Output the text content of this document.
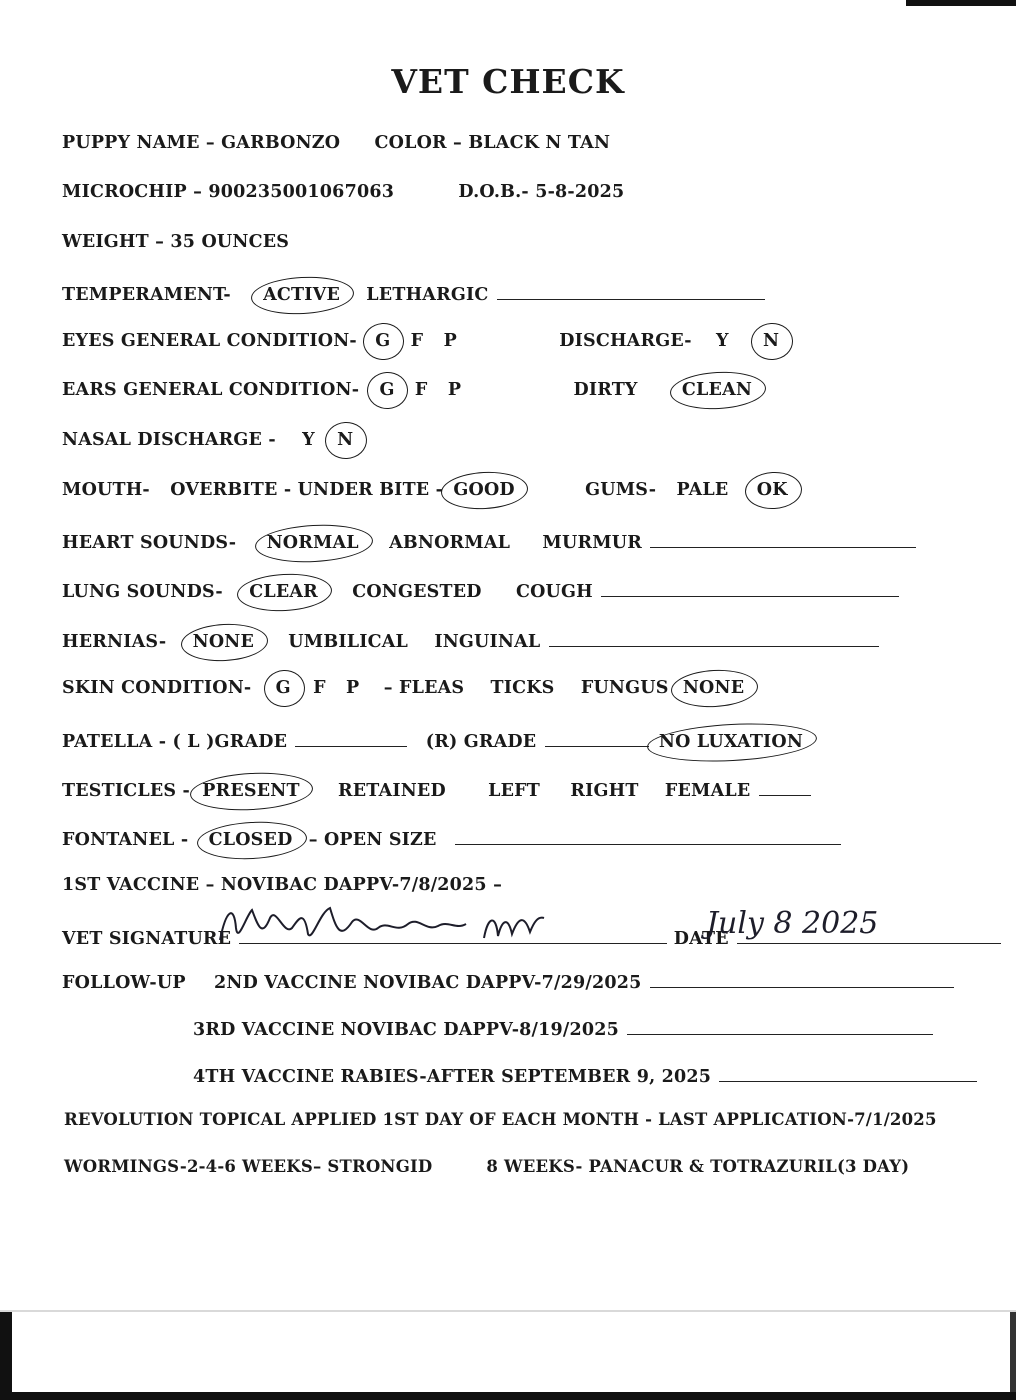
VET CHECK
PUPPY NAME – GARBONZO COLOR – BLACK N TAN
MICROCHIP – 900235001067063	D.O.B.- 5-8-2025
WEIGHT – 35 OUNCES
TEMPERAMENT- ACTIVE LETHARGIC
EYES GENERAL CONDITION- G F P	DISCHARGE- Y N
EARS GENERAL CONDITION- G F P	DIRTY	CLEAN
NASAL DISCHARGE - Y N
MOUTH- OVERBITE - UNDER BITE - GOOD	GUMS- PALE OK
HEART SOUNDS- NORMAL ABNORMAL MURMUR
LUNG SOUNDS- CLEAR CONGESTED COUGH
HERNIAS- NONE UMBILICAL INGUINAL
SKIN CONDITION- G F P – FLEAS TICKS FUNGUS NONE
PATELLA - ( L )GRADE	(R) GRADE	NO LUXATION
TESTICLES - PRESENT RETAINED LEFT RIGHT FEMALE
FONTANEL - CLOSED – OPEN SIZE
1ST VACCINE – NOVIBAC DAPPV-7/8/2025 –
VET SIGNATURE	DATE
July 8 2025
FOLLOW-UP 2ND VACCINE NOVIBAC DAPPV-7/29/2025
3RD VACCINE NOVIBAC DAPPV-8/19/2025
4TH VACCINE RABIES-AFTER SEPTEMBER 9, 2025
REVOLUTION TOPICAL APPLIED 1ST DAY OF EACH MONTH - LAST APPLICATION-7/1/2025
WORMINGS-2-4-6 WEEKS– STRONGID	8 WEEKS- PANACUR & TOTRAZURIL(3 DAY)
